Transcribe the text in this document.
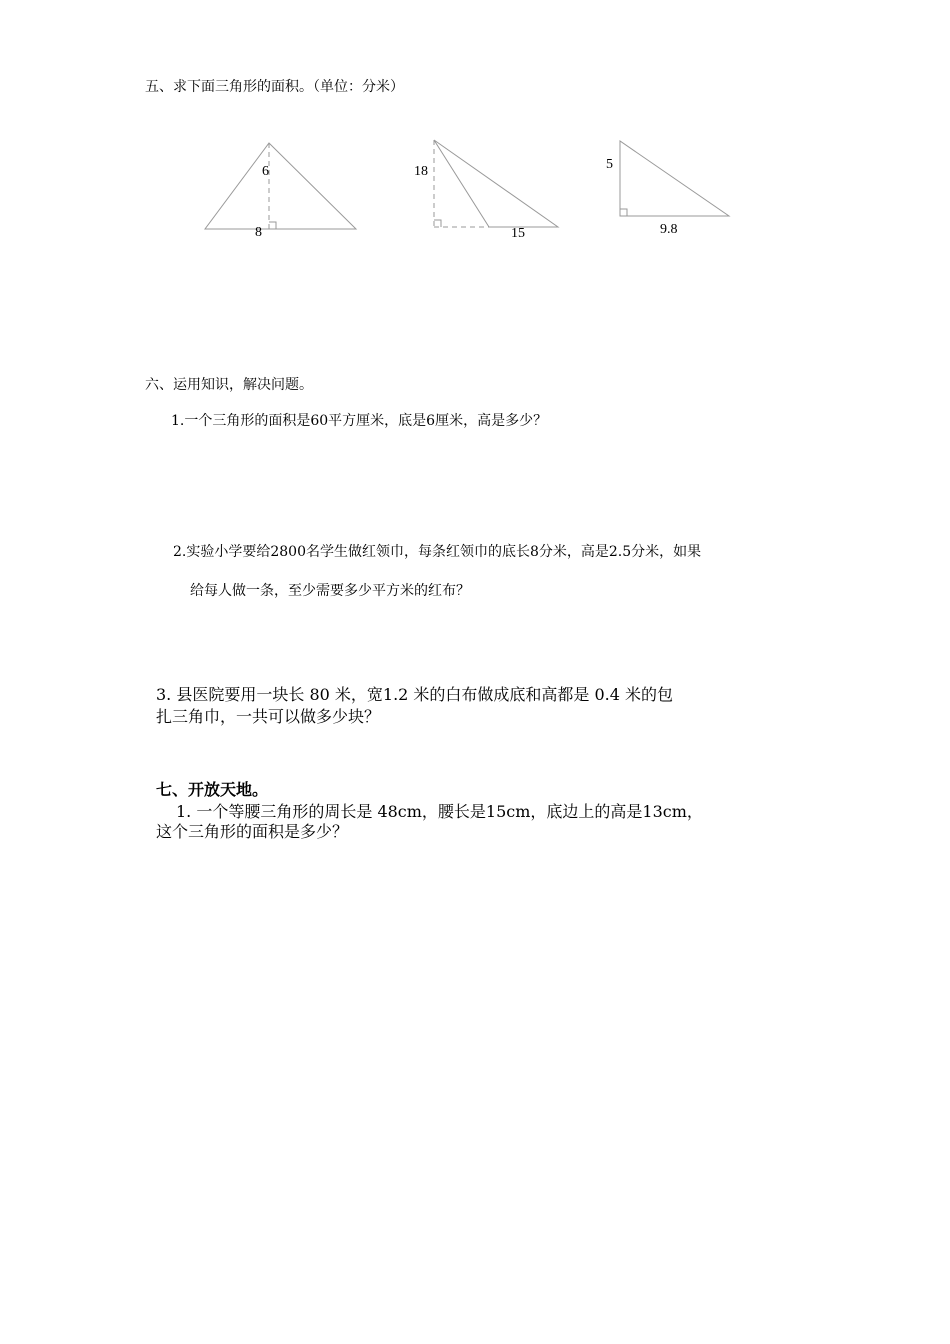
五、求下面三角形的面积。（单位：分米）
6
8
18
15
5
9.8
六、运用知识，解决问题。
1.一个三角形的面积是60平方厘米，底是6厘米，高是多少？
2.实验小学要给2800名学生做红领巾，每条红领巾的底长8分米，高是2.5分米，如果
给每人做一条，至少需要多少平方米的红布？
3. 县医院要用一块长 80 米，宽1.2 米的白布做成底和高都是 0.4 米的包
扎三角巾，一共可以做多少块？
七、开放天地。
1. 一个等腰三角形的周长是 48cm，腰长是15cm，底边上的高是13cm，
这个三角形的面积是多少？
